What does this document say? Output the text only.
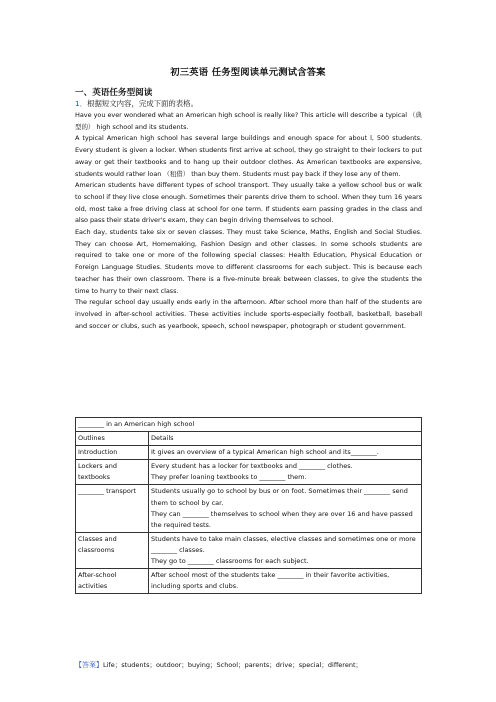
初三英语 任务型阅读单元测试含答案
一、英语任务型阅读
1．根据短文内容，完成下面的表格。

Have you ever wondered what an American high school is really like? This article will describe a typical （典型的） high school and its students.

A typical American high school has several large buildings and enough space for about l, 500 students. Every student is given a locker. When students first arrive at school, they go straight to their lockers to put away or get their textbooks and to hang up their outdoor clothes. As American textbooks are expensive, students would rather loan （租借） than buy them. Students must pay back if they lose any of them.

American students have different types of school transport. They usually take a yellow school bus or walk to school if they live close enough. Sometimes their parents drive them to school. When they turn 16 years old, most take a free driving class at school for one term. If students earn passing grades in the class and also pass their state driver's exam, they can begin driving themselves to school.

Each day, students take six or seven classes. They must take Science, Maths, English and Social Studies. They can choose Art, Homemaking, Fashion Design and other classes. In some schools students are required to take one or more of the following special classes: Health Education, Physical Education or Foreign Language Studies. Students move to different classrooms for each subject. This is because each teacher has their own classroom. There is a five-minute break between classes, to give the students the time to hurry to their next class.

The regular school day usually ends early in the afternoon. After school more than half of the students are involved in after-school activities. These activities include sports-especially football, basketball, baseball and soccer or clubs, such as yearbook, speech, school newspaper, photograph or student government.

________ in an American high school	
Outlines	Details
Introduction	It gives an overview of a typical American high school and its________.

Lockers and textbooks	Every student has a locker for textbooks and ________ clothes.
They prefer loaning textbooks to ________ them.

________ transport	Students usually go to school by bus or on foot. Sometimes their ________ send them to school by car.
They can ________ themselves to school when they are over 16 and have passed the required tests.

Classes and classrooms	Students have to take main classes, elective classes and sometimes one or more ________ classes.
They go to ________ classrooms for each subject.

After-school activities	After school most of the students take ________ in their favorite activities, including sports and clubs.
【答案】Life；students；outdoor；buying；School；parents；drive；special；different；
